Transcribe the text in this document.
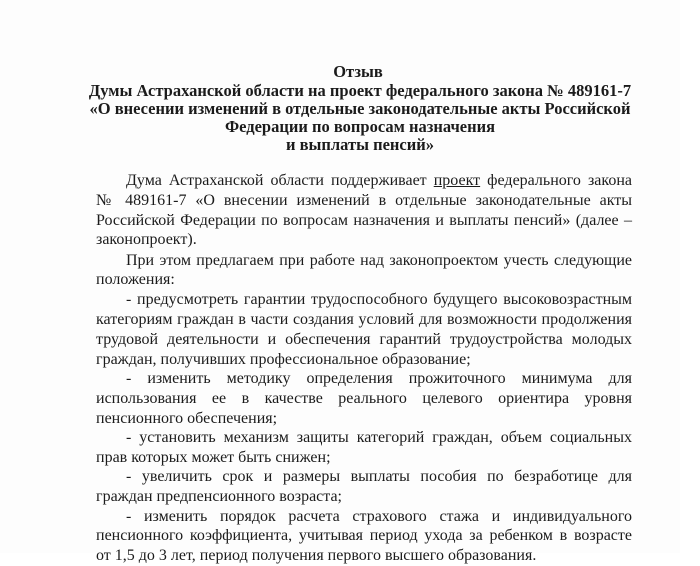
Отзыв
Думы Астраханской области на проект федерального закона № 489161-7
«О внесении изменений в отдельные законодательные акты Российской
Федерации по вопросам назначения
и выплаты пенсий»
Дума Астраханской области поддерживает проект федерального закона
№ 489161-7 «О внесении изменений в отдельные законодательные акты
Российской Федерации по вопросам назначения и выплаты пенсий» (далее –
законопроект).
При этом предлагаем при работе над законопроектом учесть следующие
положения:
- предусмотреть гарантии трудоспособного будущего высоковозрастным
категориям граждан в части создания условий для возможности продолжения
трудовой деятельности и обеспечения гарантий трудоустройства молодых
граждан, получивших профессиональное образование;
- изменить методику определения прожиточного минимума для
использования ее в качестве реального целевого ориентира уровня
пенсионного обеспечения;
- установить механизм защиты категорий граждан, объем социальных
прав которых может быть снижен;
- увеличить срок и размеры выплаты пособия по безработице для
граждан предпенсионного возраста;
- изменить порядок расчета страхового стажа и индивидуального
пенсионного коэффициента, учитывая период ухода за ребенком в возрасте
от 1,5 до 3 лет, период получения первого высшего образования.
